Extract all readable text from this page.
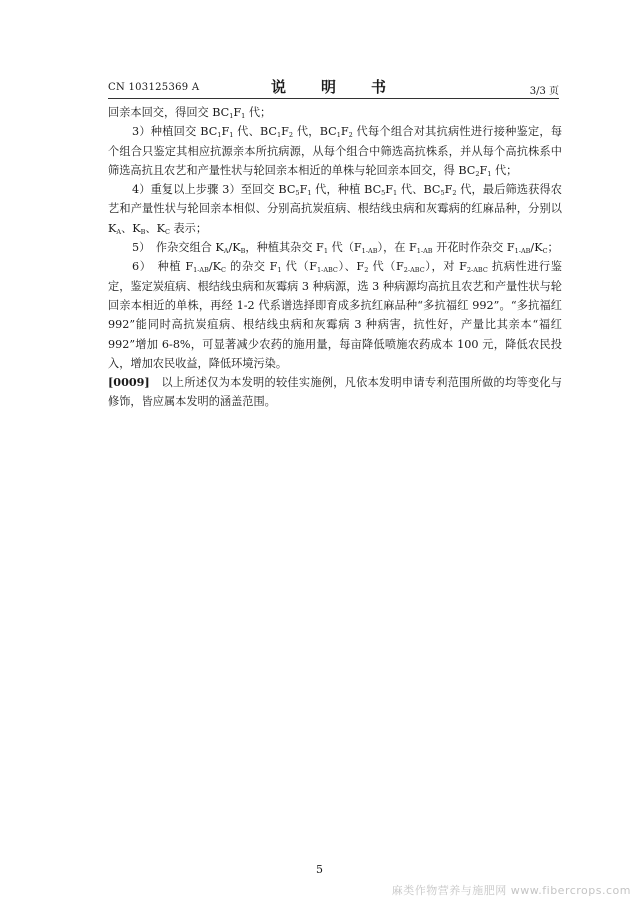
CN 103125369 A	说　明　书	3/3 页

回亲本回交，得回交 $BC_1F_1$ 代；

3）种植回交 $BC_1F_1$ 代、$BC_1F_2$ 代，$BC_1F_2$ 代每个组合对其抗病性进行接种鉴定，每个组合只鉴定其相应抗源亲本所抗病源，从每个组合中筛选高抗株系，并从每个高抗株系中筛选高抗且农艺和产量性状与轮回亲本相近的单株与轮回亲本回交，得 $BC_2F_1$ 代；

4）重复以上步骤 3）至回交 $BC_5F_1$ 代，种植 $BC_5F_1$ 代、$BC_5F_2$ 代，最后筛选获得农艺和产量性状与轮回亲本相似、分别高抗炭疽病、根结线虫病和灰霉病的红麻品种，分别以 $K_A$、$K_B$、$K_C$ 表示；

5）　作杂交组合 $K_A/K_B$，种植其杂交 $F_1$ 代$(F_{1-AB})$，在 $F_{1-AB}$ 开花时作杂交 $F_{1-AB}/K_C$；

6）　种植 $F_{1-AB}/K_C$ 的杂交 $F_1$ 代$(F_{1-ABC})$、$F_2$ 代$(F_{2-ABC})$，对 $F_{2-ABC}$ 抗病性进行鉴定，鉴定炭疽病、根结线虫病和灰霉病 3 种病源，选 3 种病源均高抗且农艺和产量性状与轮回亲本相近的单株，再经 1-2 代系谱选择即育成多抗红麻品种“多抗福红 992”。“多抗福红 992”能同时高抗炭疽病、根结线虫病和灰霉病 3 种病害，抗性好，产量比其亲本“福红 992”增加 6-8%，可显著减少农药的施用量，每亩降低喷施农药成本 100 元，降低农民投入，增加农民收益，降低环境污染。

[0009]　以上所述仅为本发明的较佳实施例，凡依本发明申请专利范围所做的均等变化与修饰，皆应属本发明的涵盖范围。

5
麻类作物营养与施肥网 www.fibercrops.com
